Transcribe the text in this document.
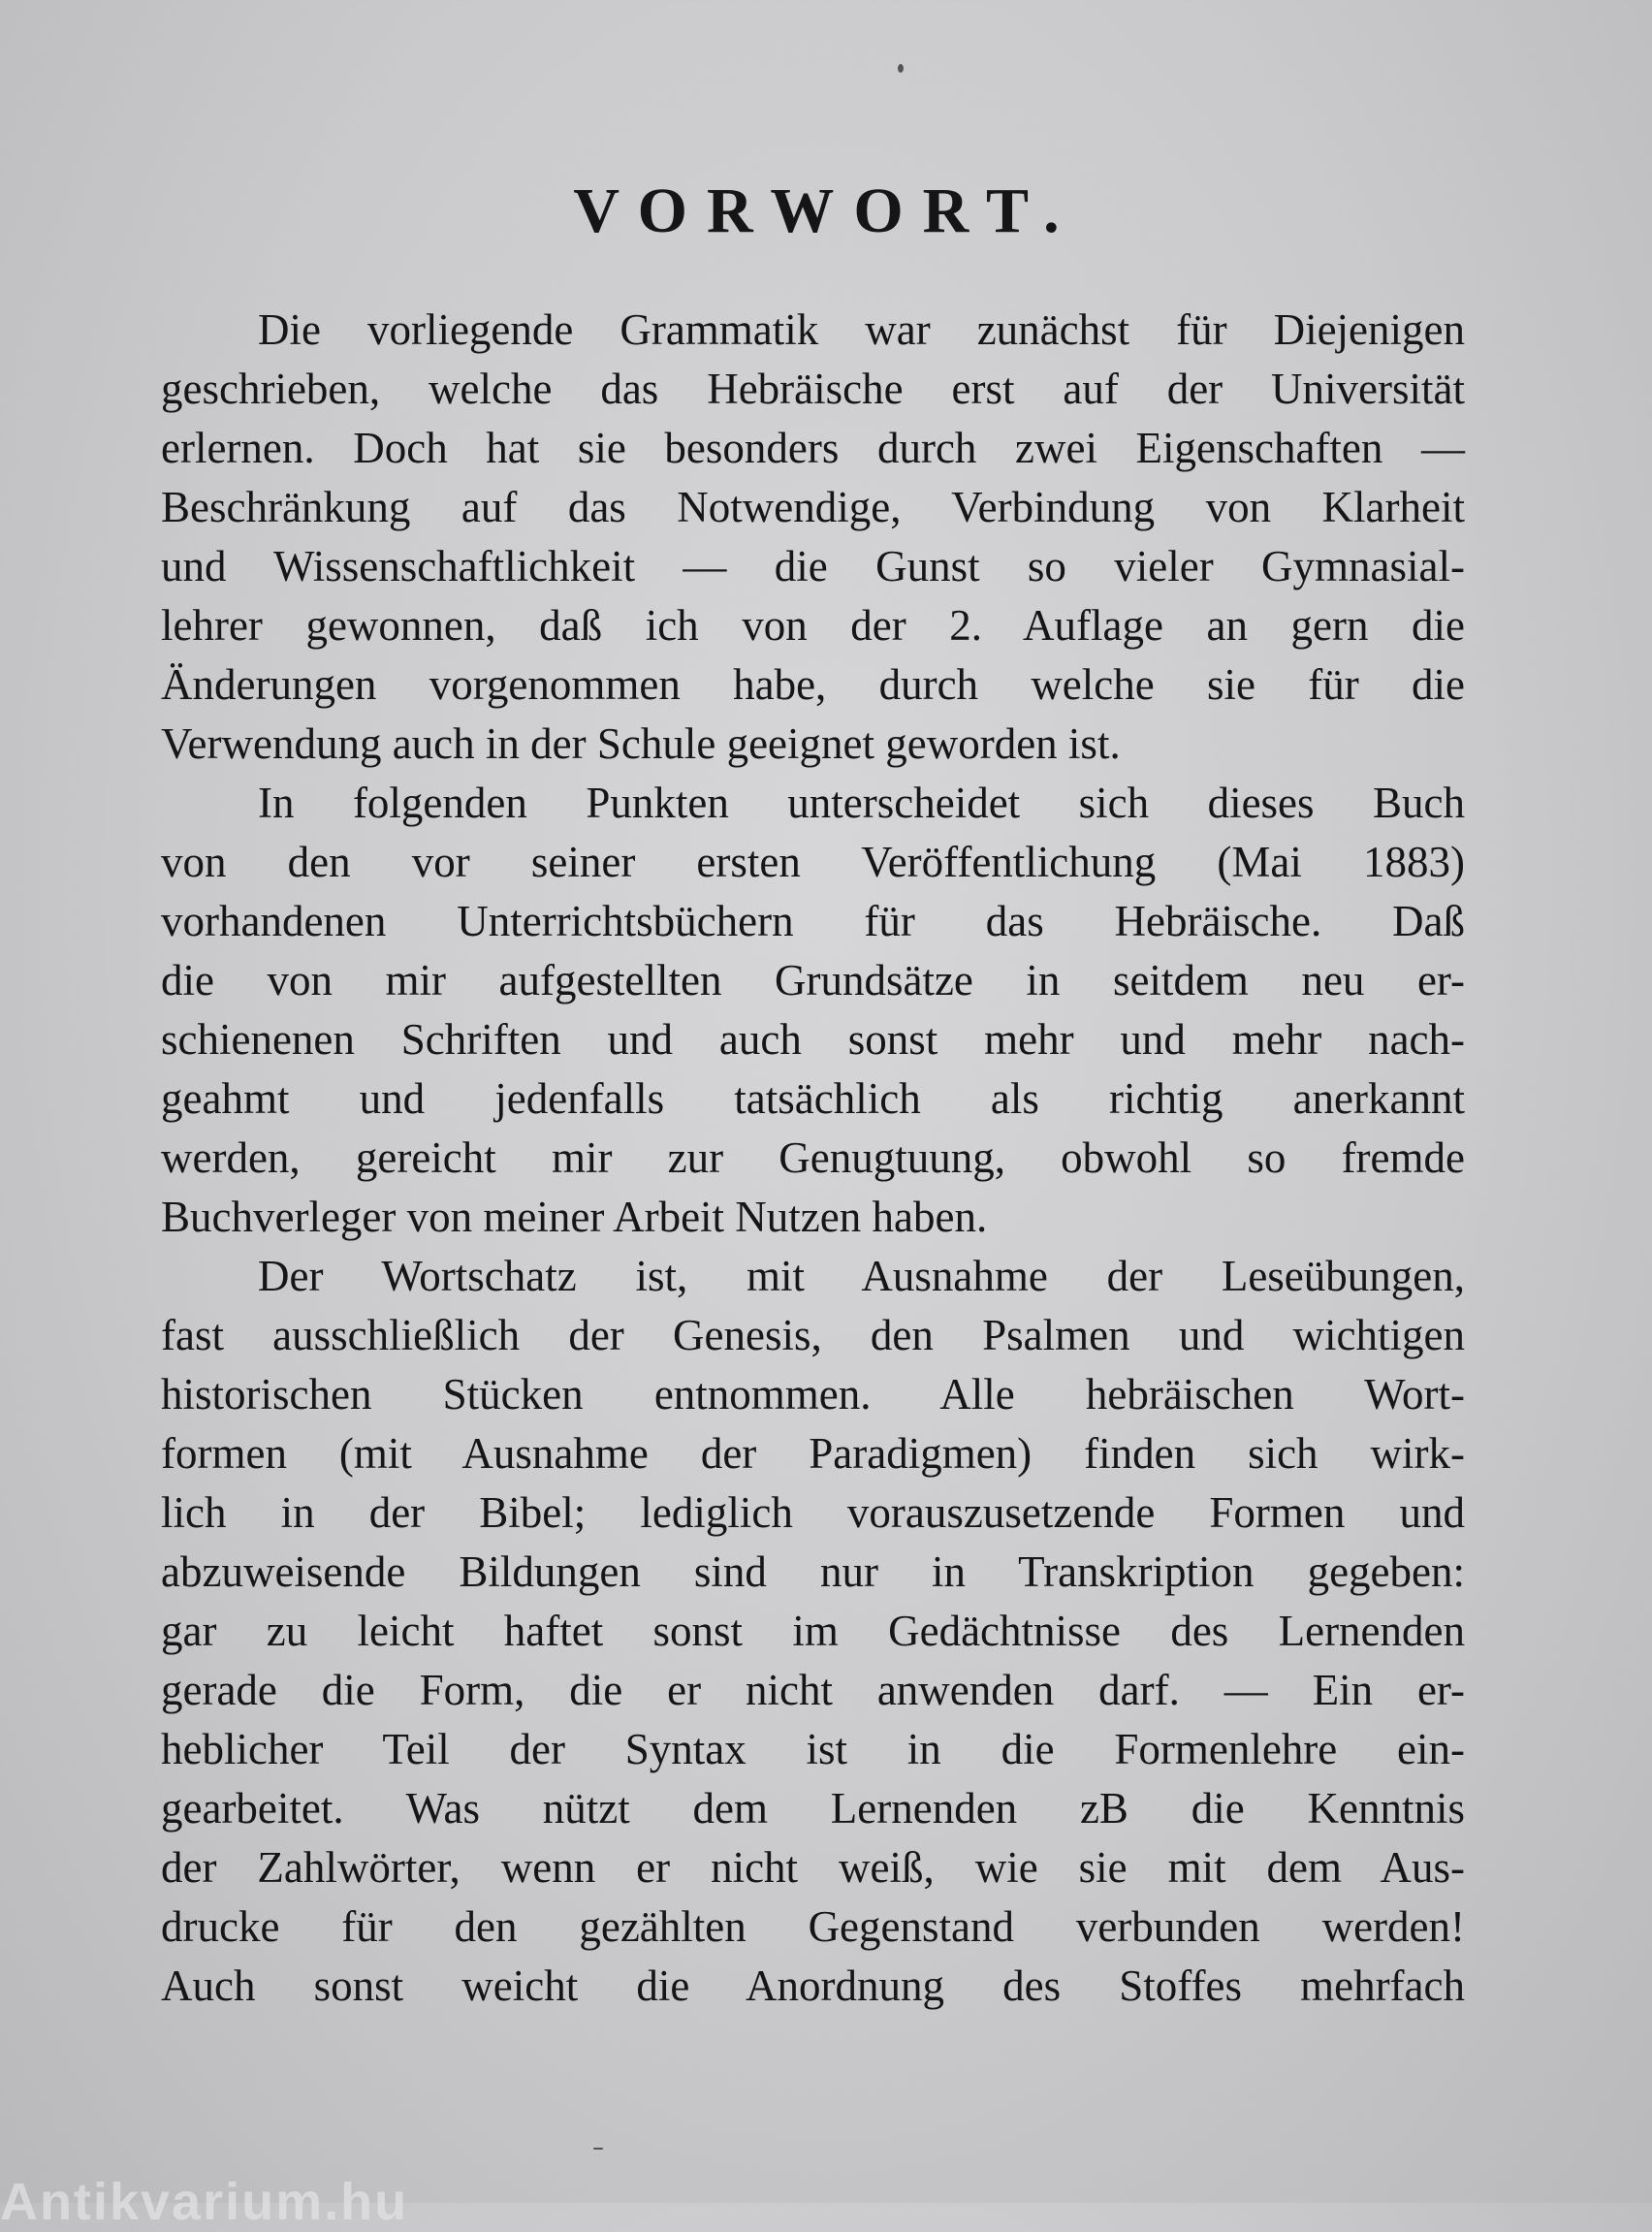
VORWORT.
Die vorliegende Grammatik war zunächst für Diejenigen
geschrieben, welche das Hebräische erst auf der Universität
erlernen. Doch hat sie besonders durch zwei Eigenschaften —
Beschränkung auf das Notwendige, Verbindung von Klarheit
und Wissenschaftlichkeit — die Gunst so vieler Gymnasial-
lehrer gewonnen, daß ich von der 2. Auflage an gern die
Änderungen vorgenommen habe, durch welche sie für die
Verwendung auch in der Schule geeignet geworden ist.
In folgenden Punkten unterscheidet sich dieses Buch
von den vor seiner ersten Veröffentlichung (Mai 1883)
vorhandenen Unterrichtsbüchern für das Hebräische. Daß
die von mir aufgestellten Grundsätze in seitdem neu er-
schienenen Schriften und auch sonst mehr und mehr nach-
geahmt und jedenfalls tatsächlich als richtig anerkannt
werden, gereicht mir zur Genugtuung, obwohl so fremde
Buchverleger von meiner Arbeit Nutzen haben.
Der Wortschatz ist, mit Ausnahme der Leseübungen,
fast ausschließlich der Genesis, den Psalmen und wichtigen
historischen Stücken entnommen. Alle hebräischen Wort-
formen (mit Ausnahme der Paradigmen) finden sich wirk-
lich in der Bibel; lediglich vorauszusetzende Formen und
abzuweisende Bildungen sind nur in Transkription gegeben:
gar zu leicht haftet sonst im Gedächtnisse des Lernenden
gerade die Form, die er nicht anwenden darf. — Ein er-
heblicher Teil der Syntax ist in die Formenlehre ein-
gearbeitet. Was nützt dem Lernenden zB die Kenntnis
der Zahlwörter, wenn er nicht weiß, wie sie mit dem Aus-
drucke für den gezählten Gegenstand verbunden werden!
Auch sonst weicht die Anordnung des Stoffes mehrfach
Antikvarium.hu
